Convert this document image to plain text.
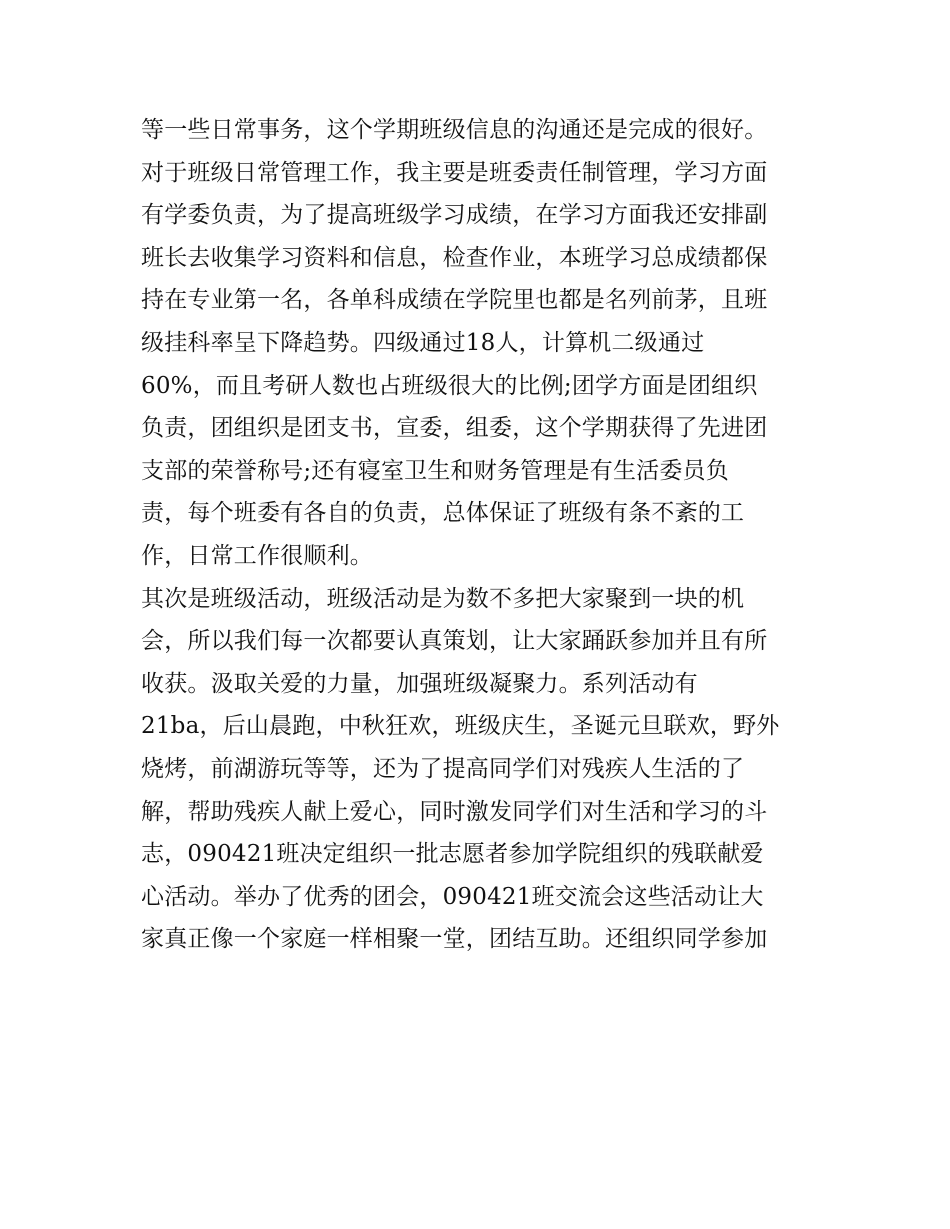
等一些日常事务，这个学期班级信息的沟通还是完成的很好。
对于班级日常管理工作，我主要是班委责任制管理，学习方面
有学委负责，为了提高班级学习成绩，在学习方面我还安排副
班长去收集学习资料和信息，检查作业，本班学习总成绩都保
持在专业第一名，各单科成绩在学院里也都是名列前茅，且班
级挂科率呈下降趋势。四级通过18人，计算机二级通过
60%，而且考研人数也占班级很大的比例;团学方面是团组织
负责，团组织是团支书，宣委，组委，这个学期获得了先进团
支部的荣誉称号;还有寝室卫生和财务管理是有生活委员负
责，每个班委有各自的负责，总体保证了班级有条不紊的工
作，日常工作很顺利。
其次是班级活动，班级活动是为数不多把大家聚到一块的机
会，所以我们每一次都要认真策划，让大家踊跃参加并且有所
收获。汲取关爱的力量，加强班级凝聚力。系列活动有
21ba，后山晨跑，中秋狂欢，班级庆生，圣诞元旦联欢，野外
烧烤，前湖游玩等等，还为了提高同学们对残疾人生活的了
解，帮助残疾人献上爱心，同时激发同学们对生活和学习的斗
志，090421班决定组织一批志愿者参加学院组织的残联献爱
心活动。举办了优秀的团会，090421班交流会这些活动让大
家真正像一个家庭一样相聚一堂，团结互助。还组织同学参加
